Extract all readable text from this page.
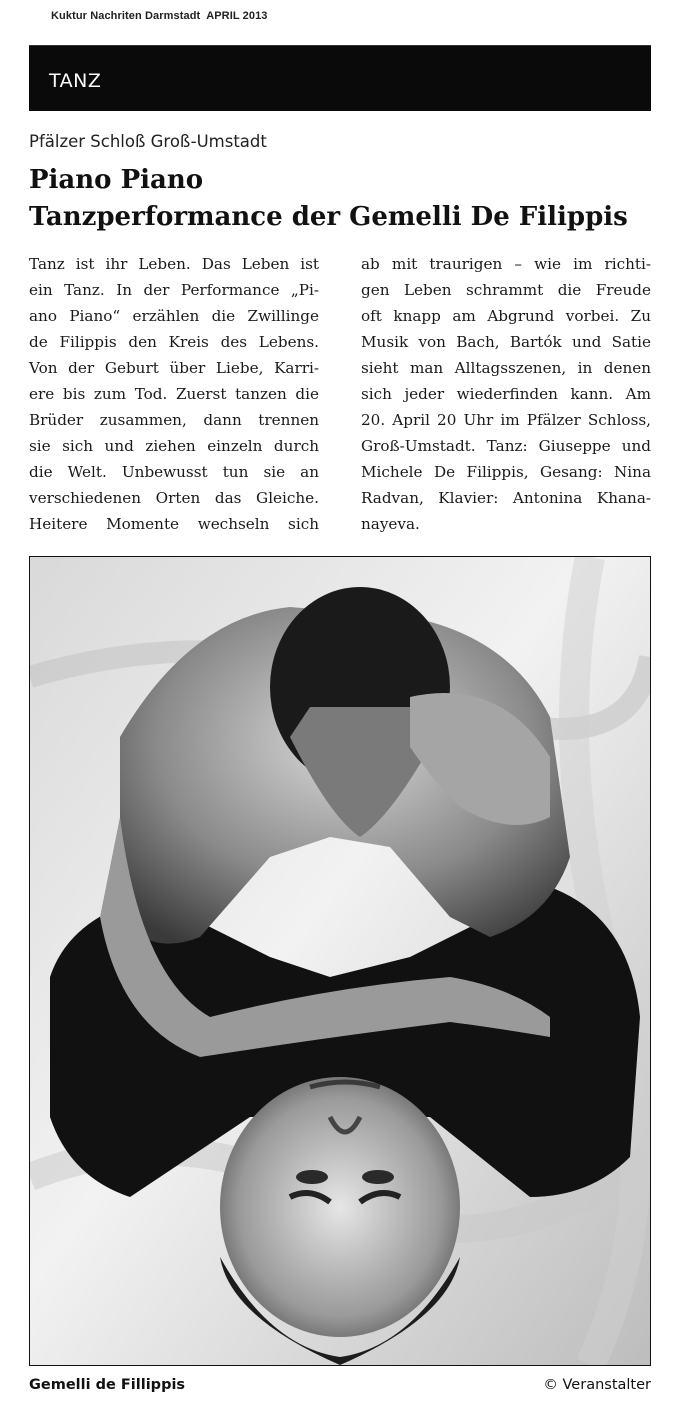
Kuktur Nachriten Darmstadt  APRIL 2013
TANZ
Pfälzer Schloß Groß-Umstadt
Piano Piano
Tanzperformance der Gemelli De Filippis
Tanz ist ihr Leben. Das Leben ist
ein Tanz. In der Performance „Pi-
ano Piano“ erzählen die Zwillinge
de Filippis den Kreis des Lebens.
Von der Geburt über Liebe, Karri-
ere bis zum Tod. Zuerst tanzen die
Brüder zusammen, dann trennen
sie sich und ziehen einzeln durch
die Welt. Unbewusst tun sie an
verschiedenen Orten das Gleiche.
Heitere Momente wechseln sich
ab mit traurigen – wie im richti-
gen Leben schrammt die Freude
oft knapp am Abgrund vorbei. Zu
Musik von Bach, Bartók und Satie
sieht man Alltagsszenen, in denen
sich jeder wiederfinden kann. Am
20. April 20 Uhr im Pfälzer Schloss,
Groß-Umstadt. Tanz: Giuseppe und
Michele De Filippis, Gesang: Nina
Radvan, Klavier: Antonina Khana-
nayeva.
Gemelli de Fillippis	© Veranstalter
